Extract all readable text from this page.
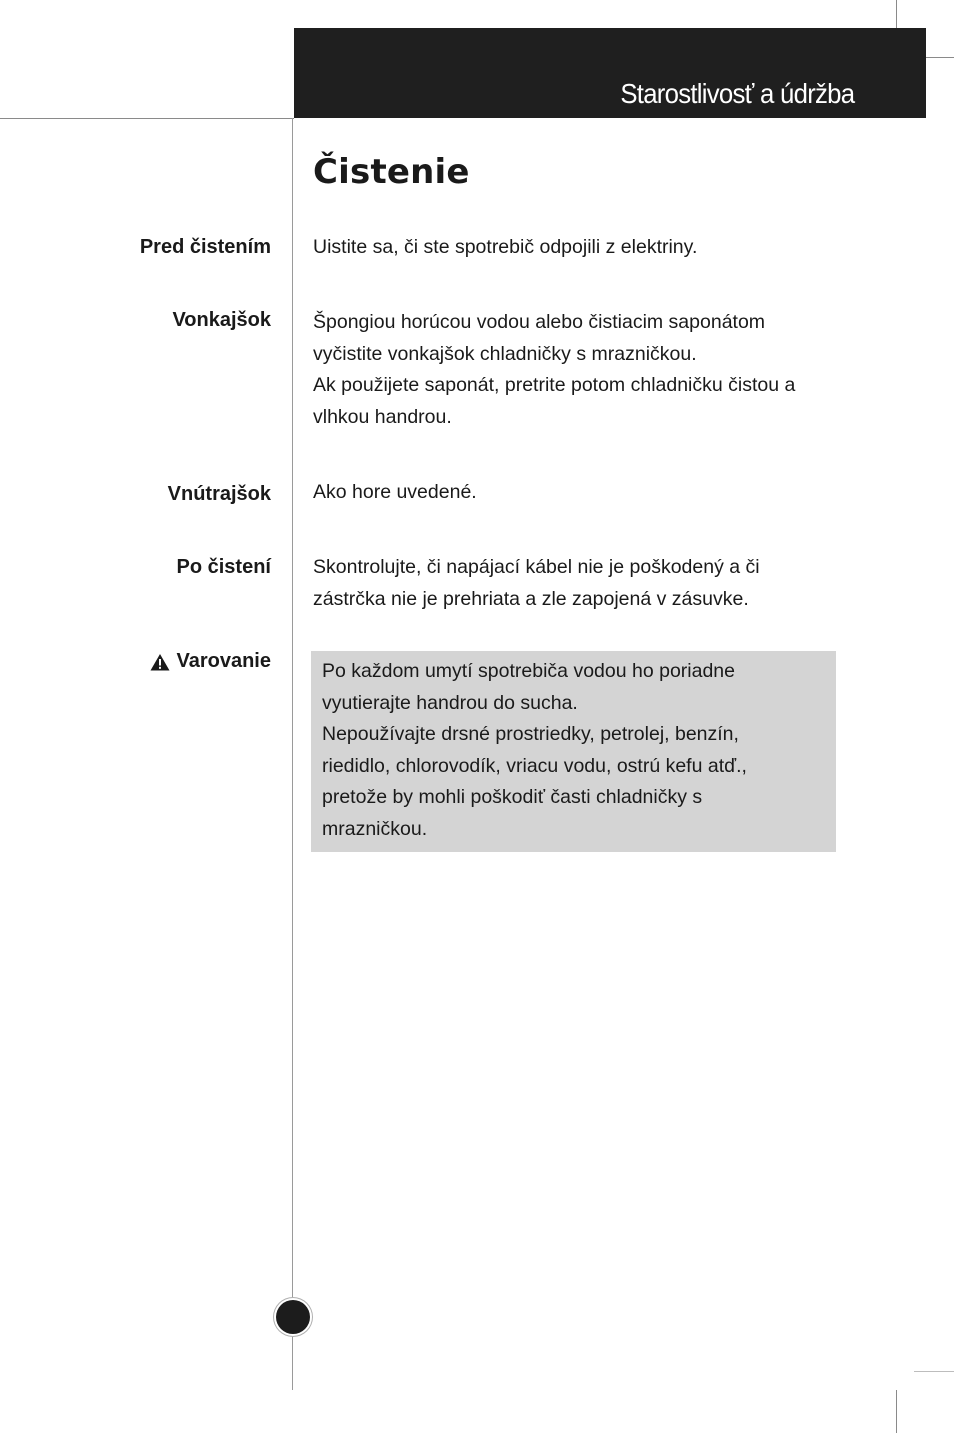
Starostlivosť a údržba
Čistenie
Pred čistením Uistite sa, či ste spotrebič odpojili z elektriny.
Vonkajšok Špongiou horúcou vodou alebo čistiacim saponátom
vyčistite vonkajšok chladničky s mrazničkou.
Ak použijete saponát, pretrite potom chladničku čistou a
vlhkou handrou.
Vnútrajšok Ako hore uvedené.
Po čistení Skontrolujte, či napájací kábel nie je poškodený a či
zástrčka nie je prehriata a zle zapojená v zásuvke.
Varovanie	Po každom umytí spotrebiča vodou ho poriadne
vyutierajte handrou do sucha.
Nepoužívajte drsné prostriedky, petrolej, benzín,
riedidlo, chlorovodík, vriacu vodu, ostrú kefu atď.,
pretože by mohli poškodiť časti chladničky s
mrazničkou.
